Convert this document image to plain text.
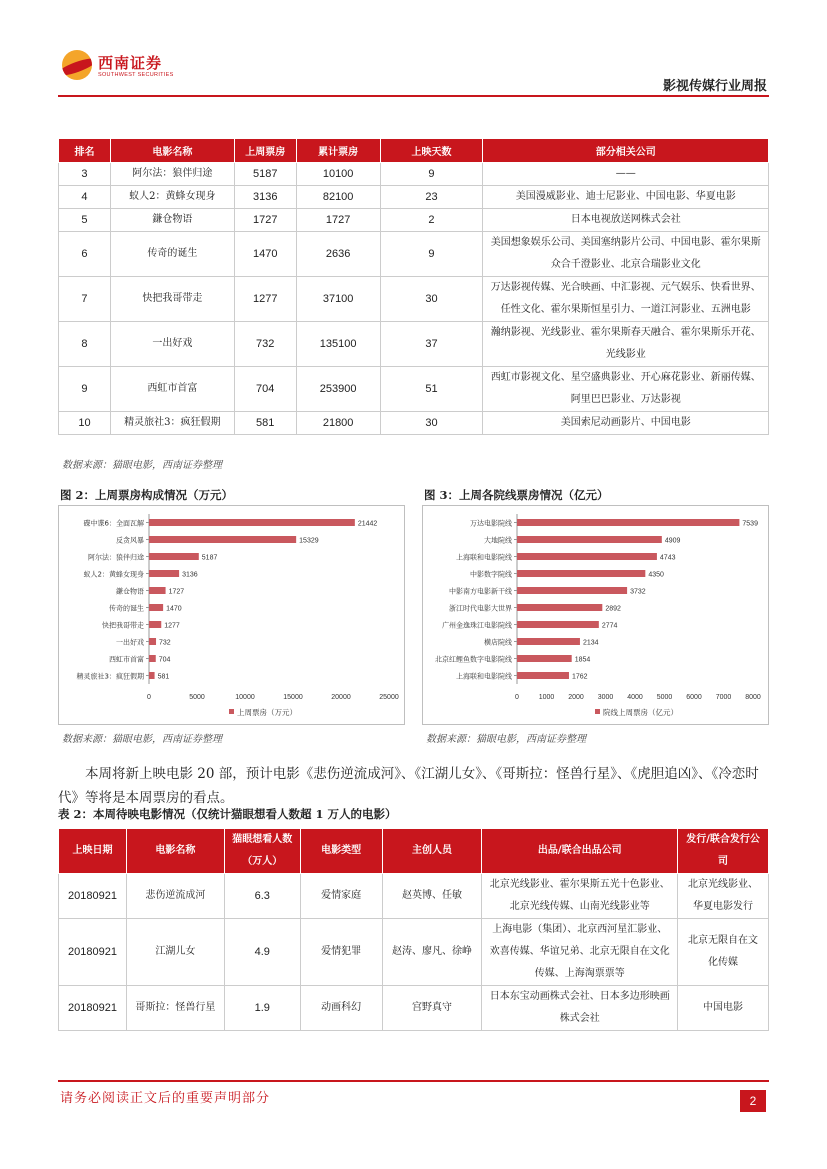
西南证券
SOUTHWEST SECURITIES
影视传媒行业周报
排名	电影名称	上周票房	累计票房	上映天数	部分相关公司
3	阿尔法：狼伴归途	5187	10100	9	——
4	蚁人2：黄蜂女现身	3136	82100	23	美国漫威影业、迪士尼影业、中国电影、华夏电影
5	鎌仓物语	1727	1727	2	日本电视放送网株式会社
6	传奇的诞生	1470	2636	9	美国想象娱乐公司、美国塞纳影片公司、中国电影、霍尔果斯众合千澄影业、北京合瑞影业文化
7	快把我哥带走	1277	37100	30	万达影视传媒、光合映画、中汇影视、元气娱乐、快看世界、任性文化、霍尔果斯恒星引力、一道江河影业、五洲电影
8	一出好戏	732	135100	37	瀚纳影视、光线影业、霍尔果斯春天融合、霍尔果斯乐开花、光线影业
9	西虹市首富	704	253900	51	西虹市影视文化、星空盛典影业、开心麻花影业、新丽传媒、阿里巴巴影业、万达影视
10	精灵旅社3：疯狂假期	581	21800	30	美国索尼动画影片、中国电影
数据来源：猫眼电影，西南证券整理
图 2：上周票房构成情况（万元）
精灵旅社3：疯狂假期 581
西虹市首富 704
一出好戏 732
快把我哥带走	1277
传奇的诞生	1470
鎌仓物语	1727
蚁人2：黄蜂女现身	3136
阿尔法：狼伴归途	5187
反贪风暴	15329
碟中谍6：全面瓦解	21442
0	5000	10000	15000	20000	25000
上周票房（万元）
数据来源：猫眼电影，西南证券整理
图 3：上周各院线票房情况（亿元）
上海联和电影院线	1762
北京红鲤鱼数字电影院线	1854
横店院线	2134
广州金逸珠江电影院线	2774
浙江时代电影大世界	2892
中影南方电影新干线	3732
中影数字院线	4350
上海联和电影院线	4743
大地院线	4909
万达电影院线	7539
0	1000 2000 3000 4000 5000 6000 7000 8000
院线上周票房（亿元）
数据来源：猫眼电影，西南证券整理
本周将新上映电影 20 部，预计电影《悲伤逆流成河》、《江湖儿女》、《哥斯拉：怪兽行星》、《虎胆追凶》、《冷恋时代》等将是本周票房的看点。
表 2：本周待映电影情况（仅统计猫眼想看人数超 1 万人的电影）
上映日期	电影名称	猫眼想看人数（万人）	电影类型	主创人员	出品/联合出品公司	发行/联合发行公司
20180921	悲伤逆流成河	6.3	爱情家庭	赵英博、任敏	北京光线影业、霍尔果斯五光十色影业、北京光线传媒、山南光线影业等	北京光线影业、华夏电影发行
20180921	江湖儿女	4.9	爱情犯罪	赵涛、廖凡、徐峥	上海电影（集团）、北京西河星汇影业、欢喜传媒、华谊兄弟、北京无限自在文化传媒、上海淘票票等	北京无限自在文化传媒
20180921	哥斯拉：怪兽行星	1.9	动画科幻	宫野真守	日本东宝动画株式会社、日本多边形映画株式会社	中国电影
请务必阅读正文后的重要声明部分	2
